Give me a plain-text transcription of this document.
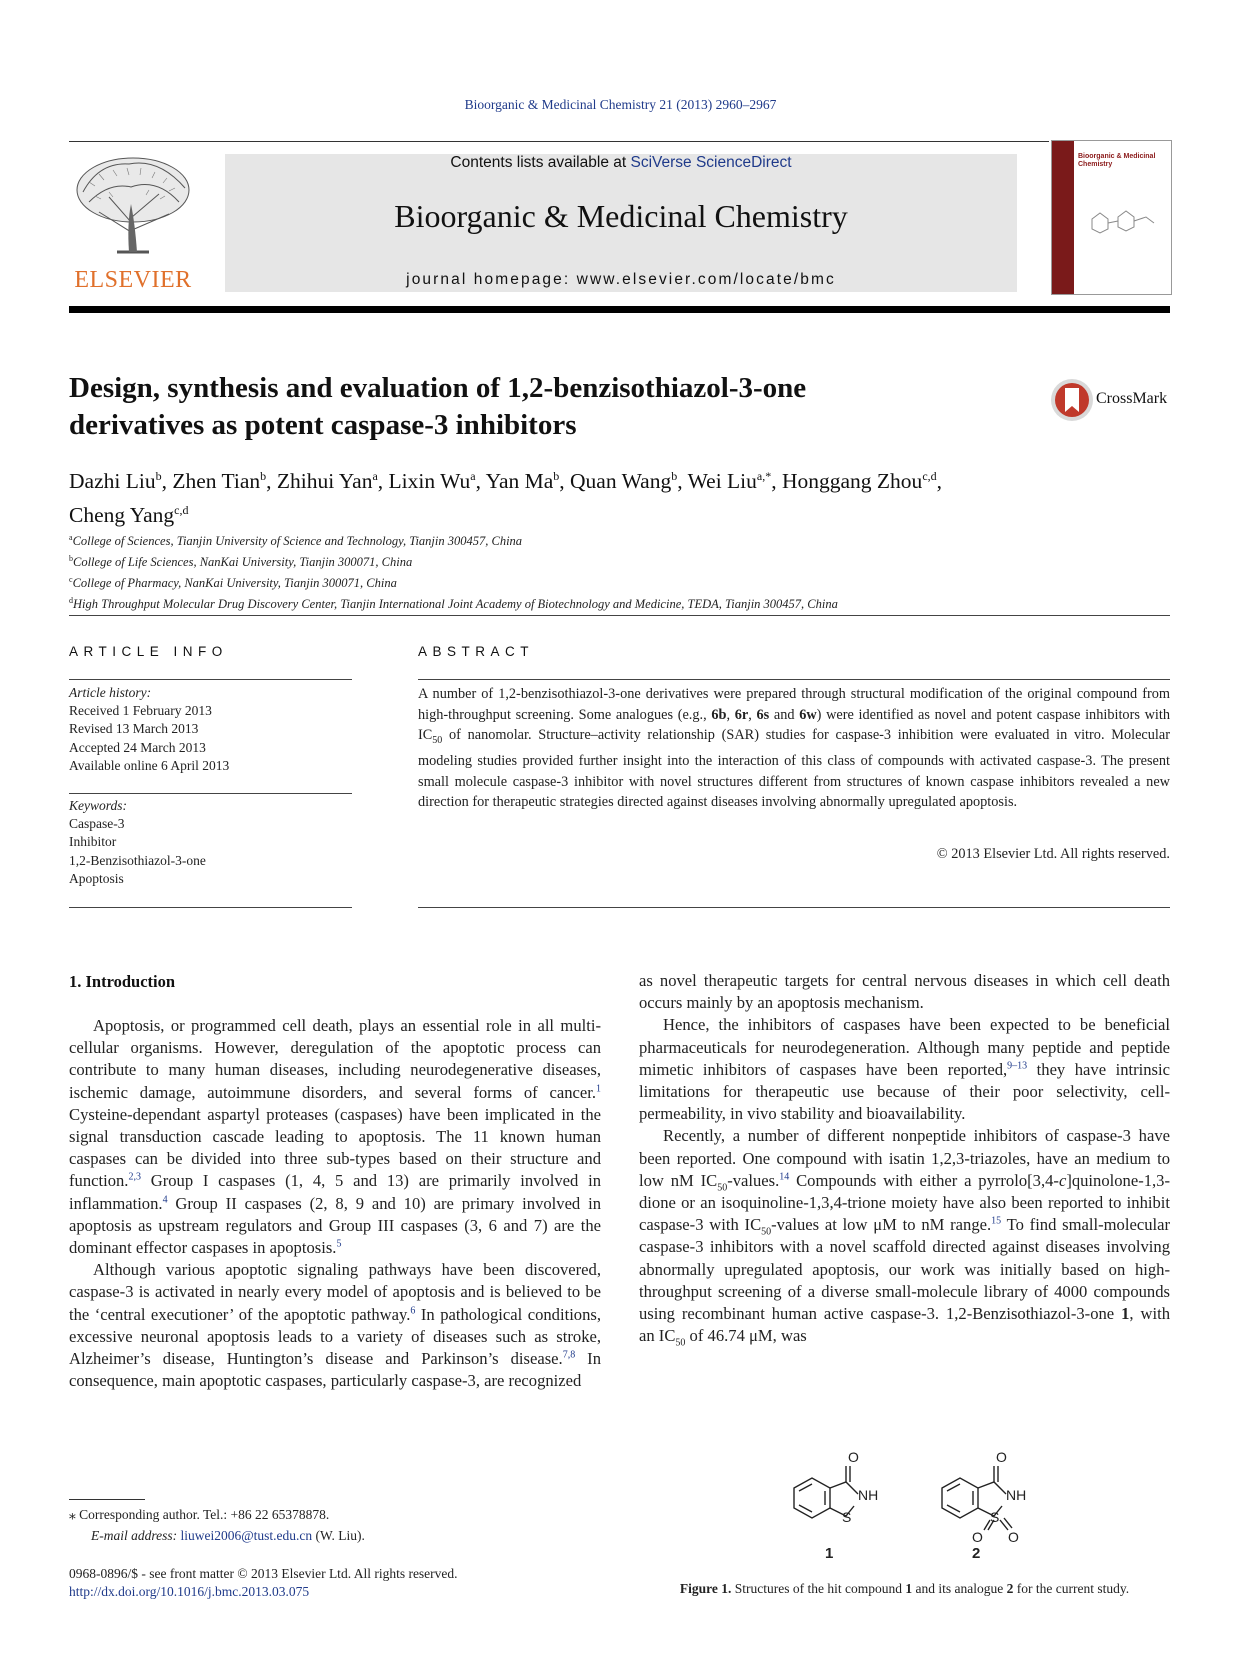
Bioorganic & Medicinal Chemistry 21 (2013) 2960–2967
ELSEVIER
Contents lists available at SciVerse ScienceDirect
Bioorganic & Medicinal Chemistry
journal homepage: www.elsevier.com/locate/bmc
Bioorganic & Medicinal Chemistry
Design, synthesis and evaluation of 1,2-benzisothiazol-3-one
derivatives as potent caspase-3 inhibitors
CrossMark
Dazhi Liu$^b$, Zhen Tian$^b$, Zhihui Yan$^a$, Lixin Wu$^a$, Yan Ma$^b$, Quan Wang$^b$, Wei Liu$^{a,*}$, Honggang Zhou$^{c,d}$,
Cheng Yang$^{c,d}$
$^a$College of Sciences, Tianjin University of Science and Technology, Tianjin 300457, China
$^b$College of Life Sciences, NanKai University, Tianjin 300071, China
$^c$College of Pharmacy, NanKai University, Tianjin 300071, China
$^d$High Throughput Molecular Drug Discovery Center, Tianjin International Joint Academy of Biotechnology and Medicine, TEDA, Tianjin 300457, China
ARTICLE INFO
Article history:
Received 1 February 2013
Revised 13 March 2013
Accepted 24 March 2013
Available online 6 April 2013
Keywords:
Caspase-3
Inhibitor
1,2-Benzisothiazol-3-one
Apoptosis
ABSTRACT
A number of 1,2-benzisothiazol-3-one derivatives were prepared through structural modification of the original compound from high-throughput screening. Some analogues (e.g., 6b, 6r, 6s and 6w) were identified as novel and potent caspase inhibitors with $IC_{50}$ of nanomolar. Structure–activity relationship (SAR) studies for caspase-3 inhibition were evaluated in vitro. Molecular modeling studies provided further insight into the interaction of this class of compounds with activated caspase-3. The present small molecule caspase-3 inhibitor with novel structures different from structures of known caspase inhibitors revealed a new direction for therapeutic strategies directed against diseases involving abnormally upregulated apoptosis.
© 2013 Elsevier Ltd. All rights reserved.
1. Introduction

Apoptosis, or programmed cell death, plays an essential role in all multi-cellular organisms. However, deregulation of the apoptotic process can contribute to many human diseases, including neurodegenerative diseases, ischemic damage, autoimmune disorders, and several forms of cancer.$^1$ Cysteine-dependant aspartyl proteases (caspases) have been implicated in the signal transduction cascade leading to apoptosis. The 11 known human caspases can be divided into three sub-types based on their structure and function.$^{2,3}$ Group I caspases (1, 4, 5 and 13) are primarily involved in inflammation.$^4$ Group II caspases (2, 8, 9 and 10) are primary involved in apoptosis as upstream regulators and Group III caspases (3, 6 and 7) are the dominant effector caspases in apoptosis.$^5$

Although various apoptotic signaling pathways have been discovered, caspase-3 is activated in nearly every model of apoptosis and is believed to be the ‘central executioner’ of the apoptotic pathway.$^6$ In pathological conditions, excessive neuronal apoptosis leads to a variety of diseases such as stroke, Alzheimer’s disease, Huntington’s disease and Parkinson’s disease.$^{7,8}$ In consequence, main apoptotic caspases, particularly caspase-3, are recognized

as novel therapeutic targets for central nervous diseases in which cell death occurs mainly by an apoptosis mechanism.

Hence, the inhibitors of caspases have been expected to be beneficial pharmaceuticals for neurodegeneration. Although many peptide and peptide mimetic inhibitors of caspases have been reported,$^{9-13}$ they have intrinsic limitations for therapeutic use because of their poor selectivity, cell-permeability, in vivo stability and bioavailability.

Recently, a number of different nonpeptide inhibitors of caspase-3 have been reported. One compound with isatin 1,2,3-triazoles, have an medium to low nM $IC_{50}-values.^{14}$ Compounds with either a pyrrolo[3,4-c]quinolone-1,3-dione or an isoquinoline-1,3,4-trione moiety have also been reported to inhibit caspase-3 with $IC_{50}$-values at low μM to nM range.$^{15}$ To find small-molecular caspase-3 inhibitors with a novel scaffold directed against diseases involving abnormally upregulated apoptosis, our work was initially based on high-throughput screening of a diverse small-molecule library of 4000 compounds using recombinant human active caspase-3. 1,2-Benzisothiazol-3-one 1, with an $IC_{50}$ of 46.74 μM, was

O
NH
S
O
NH
S
O O
1	2
Figure 1. Structures of the hit compound 1 and its analogue 2 for the current study.
⁎ Corresponding author. Tel.: +86 22 65378878.
E-mail address: liuwei2006@tust.edu.cn (W. Liu).
0968-0896/$ - see front matter © 2013 Elsevier Ltd. All rights reserved.
http://dx.doi.org/10.1016/j.bmc.2013.03.075
